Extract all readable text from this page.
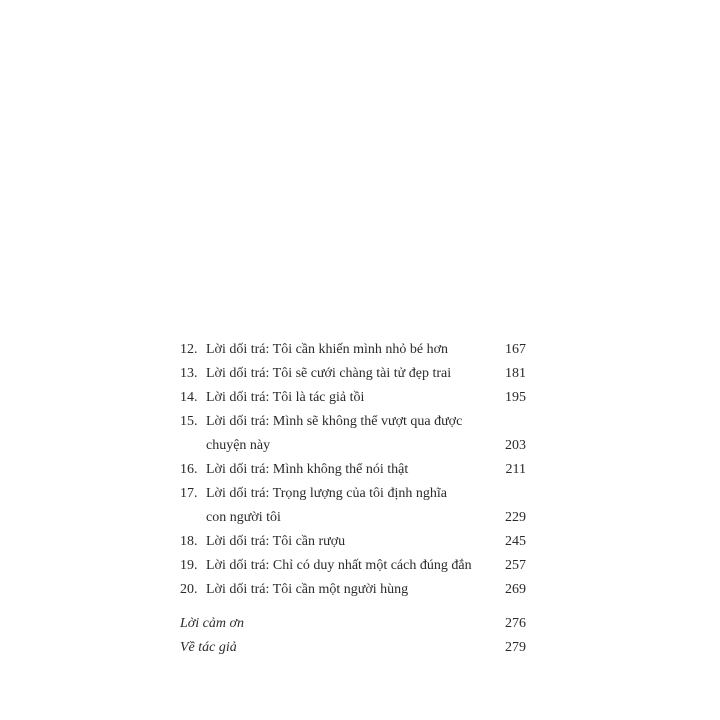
12. Lời dối trá: Tôi cần khiến mình nhỏ bé hơn	167
13. Lời dối trá: Tôi sẽ cưới chàng tài tử đẹp trai	181
14. Lời dối trá: Tôi là tác giả tồi	195
15. Lời dối trá: Mình sẽ không thể vượt qua được
chuyện này	203
16. Lời dối trá: Mình không thể nói thật	211
17. Lời dối trá: Trọng lượng của tôi định nghĩa
con người tôi	229
18. Lời dối trá: Tôi cần rượu	245
19. Lời dối trá: Chỉ có duy nhất một cách đúng đắn	257
20. Lời dối trá: Tôi cần một người hùng	269
Lời cảm ơn	276
Về tác giả	279
